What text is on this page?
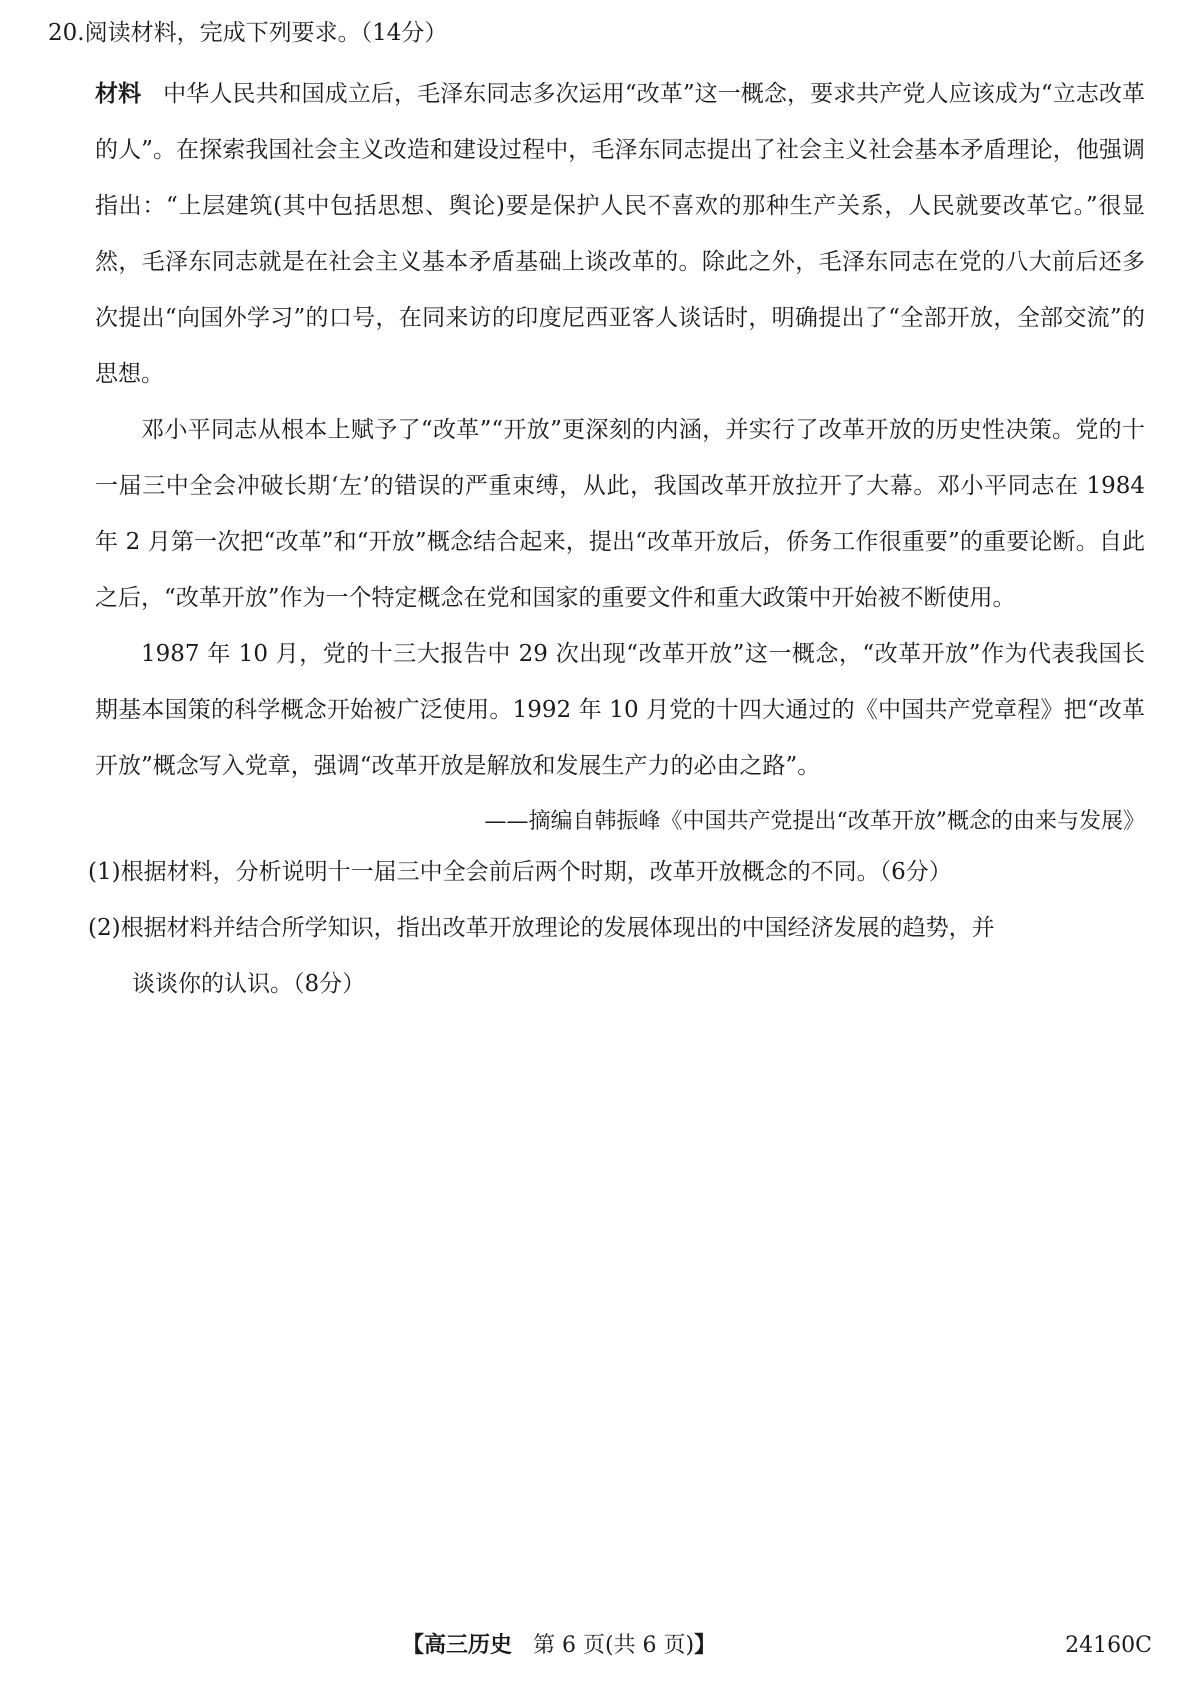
20.阅读材料，完成下列要求。（14分）

材料 中华人民共和国成立后，毛泽东同志多次运用“改革”这一概念，要求共产党人应该成为“立志改革的人”。在探索我国社会主义改造和建设过程中，毛泽东同志提出了社会主义社会基本矛盾理论，他强调指出：“上层建筑(其中包括思想、舆论)要是保护人民不喜欢的那种生产关系，人民就要改革它。”很显然，毛泽东同志就是在社会主义基本矛盾基础上谈改革的。除此之外，毛泽东同志在党的八大前后还多次提出“向国外学习”的口号，在同来访的印度尼西亚客人谈话时，明确提出了“全部开放，全部交流”的思想。

邓小平同志从根本上赋予了“改革”“开放”更深刻的内涵，并实行了改革开放的历史性决策。党的十一届三中全会冲破长期‘左’的错误的严重束缚，从此，我国改革开放拉开了大幕。邓小平同志在 1984 年 2 月第一次把“改革”和“开放”概念结合起来，提出“改革开放后，侨务工作很重要”的重要论断。自此之后，“改革开放”作为一个特定概念在党和国家的重要文件和重大政策中开始被不断使用。

1987 年 10 月，党的十三大报告中 29 次出现“改革开放”这一概念，“改革开放”作为代表我国长期基本国策的科学概念开始被广泛使用。1992 年 10 月党的十四大通过的《中国共产党章程》把“改革开放”概念写入党章，强调“改革开放是解放和发展生产力的必由之路”。

——摘编自韩振峰《中国共产党提出“改革开放”概念的由来与发展》

(1)根据材料，分析说明十一届三中全会前后两个时期，改革开放概念的不同。（6分）

(2)根据材料并结合所学知识，指出改革开放理论的发展体现出的中国经济发展的趋势，并
谈谈你的认识。（8分）

【高三历史 第 6 页(共 6 页)】	24160C
